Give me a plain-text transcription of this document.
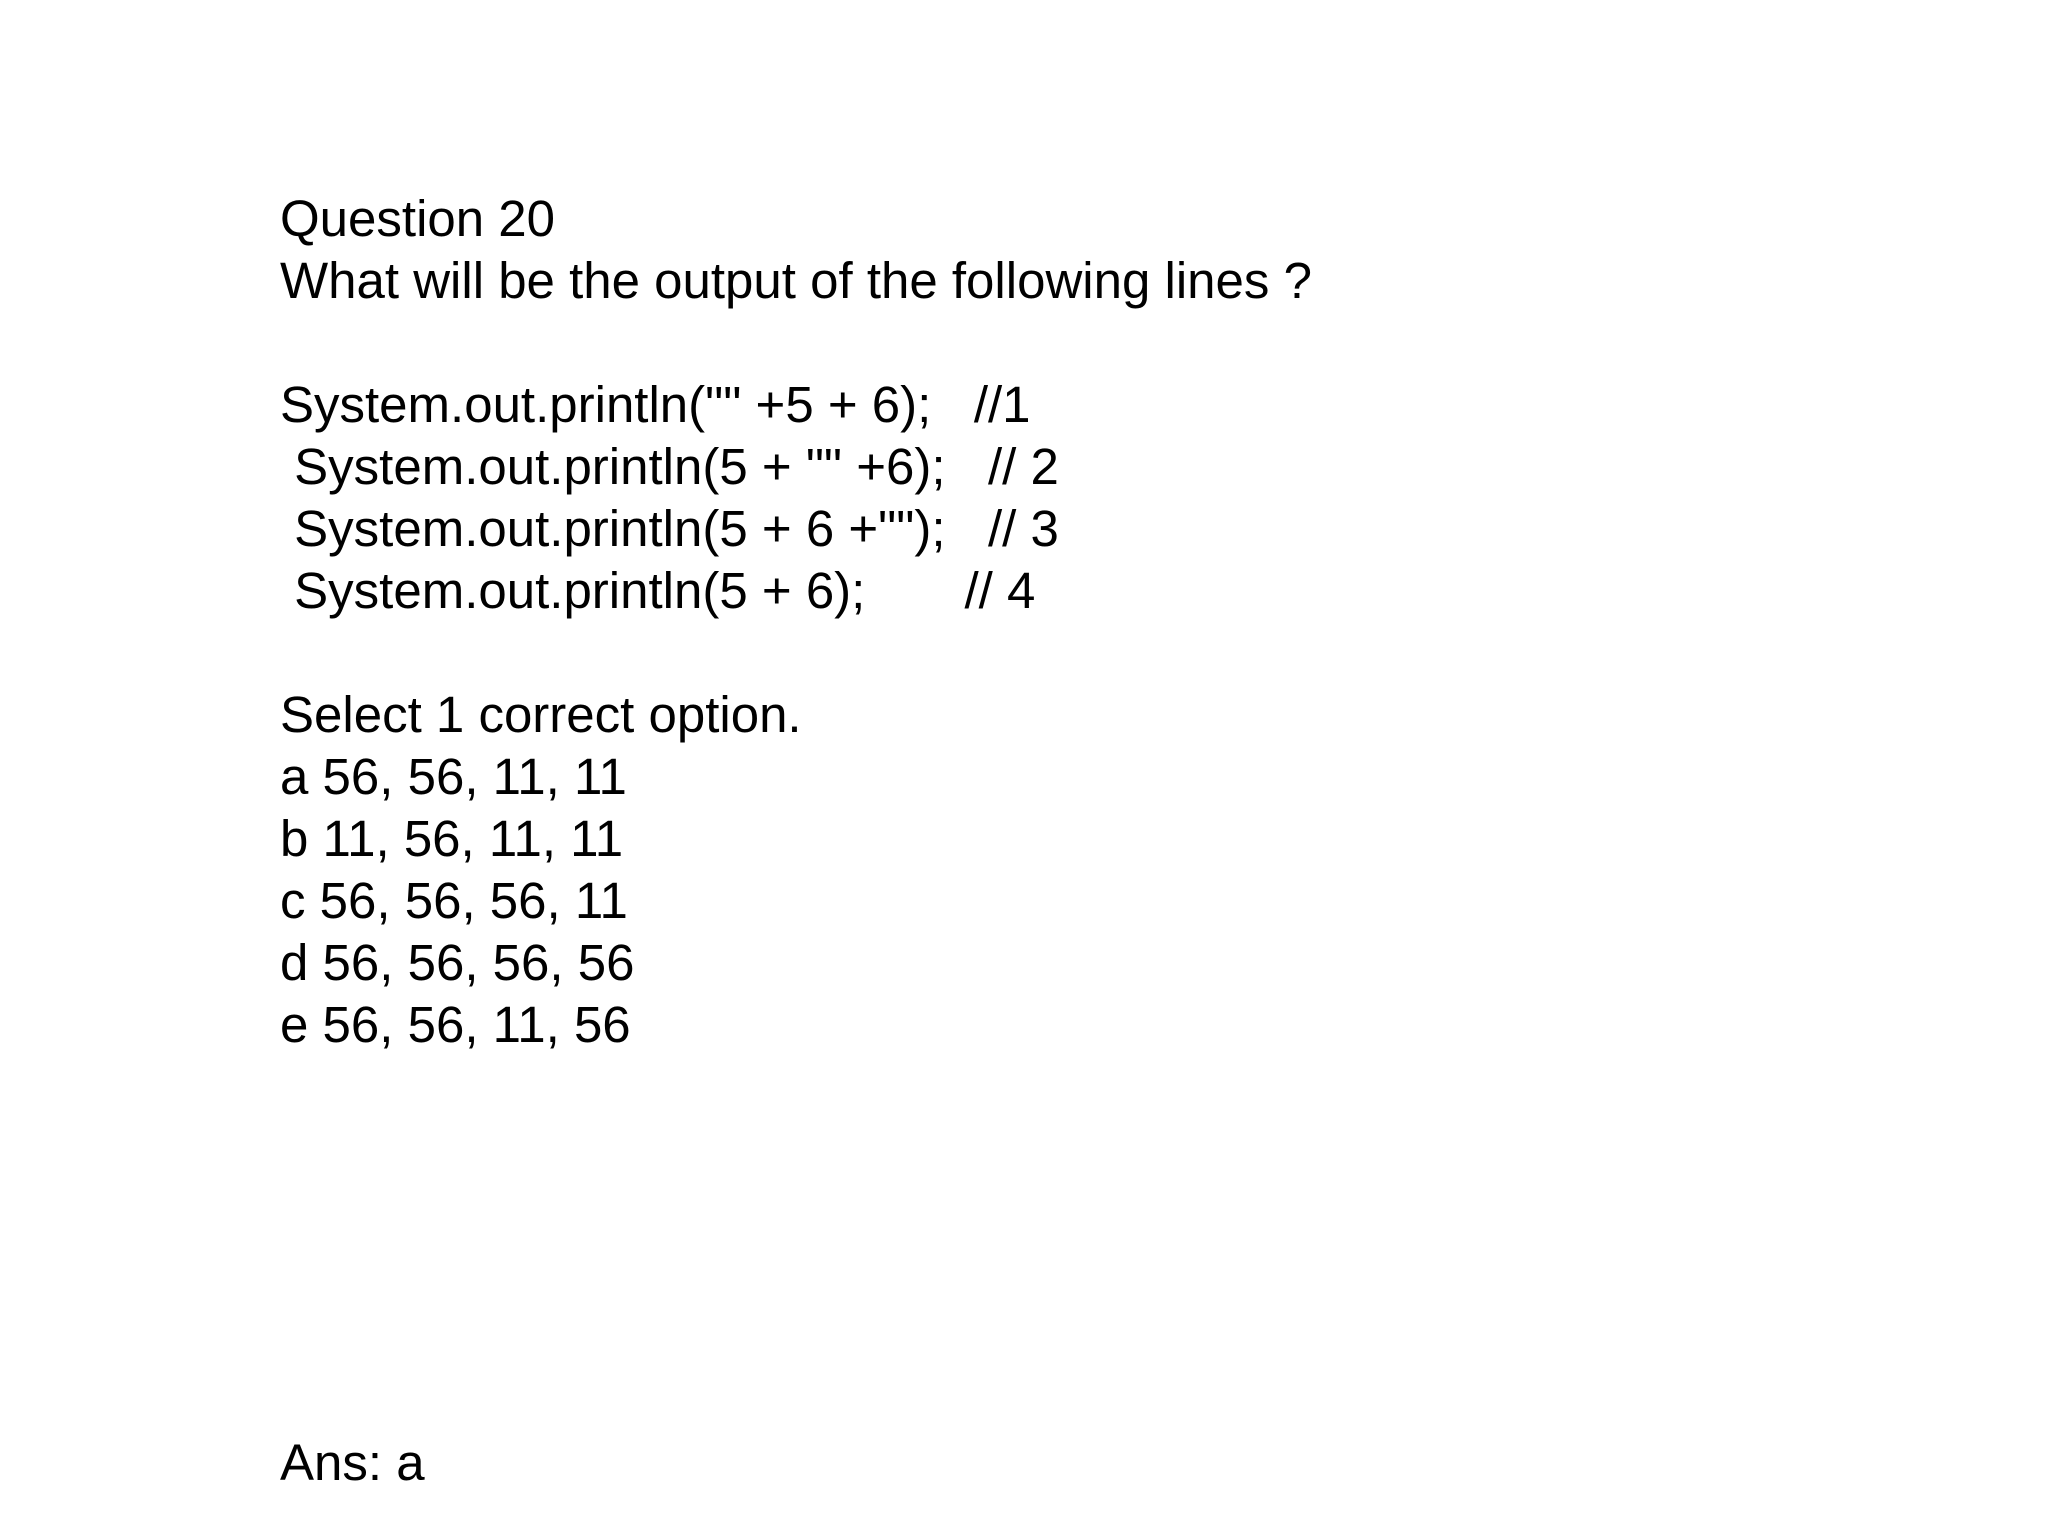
Question 20
What will be the output of the following lines ?
System.out.println("" +5 + 6);   //1
System.out.println(5 + "" +6);   // 2
System.out.println(5 + 6 +"");   // 3
System.out.println(5 + 6);       // 4
Select 1 correct option.
a 56, 56, 11, 11
b 11, 56, 11, 11
c 56, 56, 56, 11
d 56, 56, 56, 56
e 56, 56, 11, 56
Ans: a
